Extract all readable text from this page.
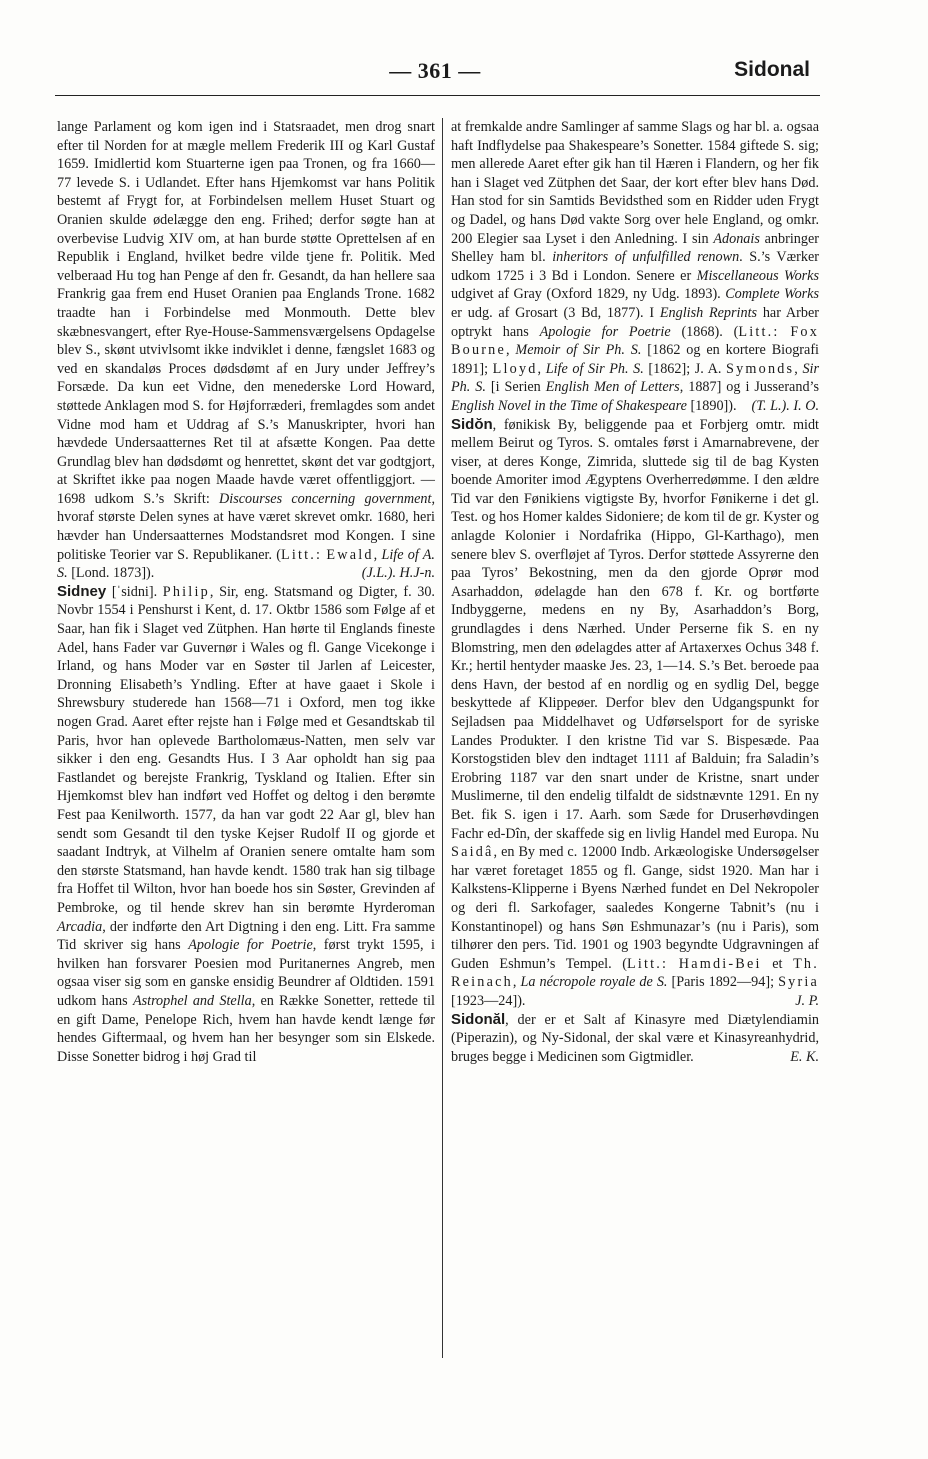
— 361 —	Sidonal

lange Parlament og kom igen ind i Statsraadet, men drog snart efter til Norden for at mægle mellem Frederik III og Karl Gustaf 1659. Imidlertid kom Stuarterne igen paa Tronen, og fra 1660—77 levede S. i Udlandet. Efter hans Hjemkomst var hans Politik bestemt af Frygt for, at Forbindelsen mellem Huset Stuart og Oranien skulde ødelægge den eng. Frihed; derfor søgte han at overbevise Ludvig XIV om, at han burde støtte Oprettelsen af en Republik i England, hvilket bedre vilde tjene fr. Politik. Med velberaad Hu tog han Penge af den fr. Gesandt, da han hellere saa Frankrig gaa frem end Huset Oranien paa Englands Trone. 1682 traadte han i Forbindelse med Monmouth. Dette blev skæbnesvangert, efter Rye-House-Sammensværgelsens Opdagelse blev S., skønt utvivlsomt ikke indviklet i denne, fængslet 1683 og ved en skandaløs Proces dødsdømt af en Jury under Jeffrey’s Forsæde. Da kun eet Vidne, den menederske Lord Howard, støttede Anklagen mod S. for Højforræderi, fremlagdes som andet Vidne mod ham et Uddrag af S.’s Manuskripter, hvori han hævdede Undersaatternes Ret til at afsætte Kongen. Paa dette Grundlag blev han dødsdømt og henrettet, skønt det var godtgjort, at Skriftet ikke paa nogen Maade havde været offentliggjort. — 1698 udkom S.’s Skrift: Discourses concerning government, hvoraf største Delen synes at have været skrevet omkr. 1680, heri hævder han Undersaatternes Modstandsret mod Kongen. I sine politiske Teorier var S. Republikaner. (Litt.: Ewald, Life of A. S. [Lond. 1873]).	(J.L.). H.J-n.

Sidney [ˈsidni]. Philip, Sir, eng. Statsmand og Digter, f. 30. Novbr 1554 i Penshurst i Kent, d. 17. Oktbr 1586 som Følge af et Saar, han fik i Slaget ved Zütphen. Han hørte til Englands fineste Adel, hans Fader var Guvernør i Wales og fl. Gange Vicekonge i Irland, og hans Moder var en Søster til Jarlen af Leicester, Dronning Elisabeth’s Yndling. Efter at have gaaet i Skole i Shrewsbury studerede han 1568—71 i Oxford, men tog ikke nogen Grad. Aaret efter rejste han i Følge med et Gesandtskab til Paris, hvor han oplevede Bartholomæus-Natten, men selv var sikker i den eng. Gesandts Hus. I 3 Aar opholdt han sig paa Fastlandet og berejste Frankrig, Tyskland og Italien. Efter sin Hjemkomst blev han indført ved Hoffet og deltog i den berømte Fest paa Kenilworth. 1577, da han var godt 22 Aar gl, blev han sendt som Gesandt til den tyske Kejser Rudolf II og gjorde et saadant Indtryk, at Vilhelm af Oranien senere omtalte ham som den største Statsmand, han havde kendt. 1580 trak han sig tilbage fra Hoffet til Wilton, hvor han boede hos sin Søster, Grevinden af Pembroke, og til hende skrev han sin berømte Hyrderoman Arcadia, der indførte den Art Digtning i den eng. Litt. Fra samme Tid skriver sig hans Apologie for Poetrie, først trykt 1595, i hvilken han forsvarer Poesien mod Puritanernes Angreb, men ogsaa viser sig som en ganske ensidig Beundrer af Oldtiden. 1591 udkom hans Astrophel and Stella, en Række Sonetter, rettede til en gift Dame, Penelope Rich, hvem han havde kendt længe før hendes Giftermaal, og hvem han her besynger som sin Elskede. Disse Sonetter bidrog i høj Grad til

at fremkalde andre Samlinger af samme Slags og har bl. a. ogsaa haft Indflydelse paa Shakespeare’s Sonetter. 1584 giftede S. sig; men allerede Aaret efter gik han til Hæren i Flandern, og her fik han i Slaget ved Zütphen det Saar, der kort efter blev hans Død. Han stod for sin Samtids Bevidsthed som en Ridder uden Frygt og Dadel, og hans Død vakte Sorg over hele England, og omkr. 200 Elegier saa Lyset i den Anledning. I sin Adonais anbringer Shelley ham bl. inheritors of unfulfilled renown. S.’s Værker udkom 1725 i 3 Bd i London. Senere er Miscellaneous Works udgivet af Gray (Oxford 1829, ny Udg. 1893). Complete Works er udg. af Grosart (3 Bd, 1877). I English Reprints har Arber optrykt hans Apologie for Poetrie (1868). (Litt.: Fox Bourne, Memoir of Sir Ph. S. [1862 og en kortere Biografi 1891]; Lloyd, Life of Sir Ph. S. [1862]; J. A. Symonds, Sir Ph. S. [i Serien English Men of Letters, 1887] og i Jusserand’s English Novel in the Time of Shakespeare [1890]). (T. L.). I. O.

Sidŏn, fønikisk By, beliggende paa et Forbjerg omtr. midt mellem Beirut og Tyros. S. omtales først i Amarnabrevene, der viser, at deres Konge, Zimrida, sluttede sig til de bag Kysten boende Amoriter imod Ægyptens Overherredømme. I den ældre Tid var den Fønikiens vigtigste By, hvorfor Fønikerne i det gl. Test. og hos Homer kaldes Sidoniere; de kom til de gr. Kyster og anlagde Kolonier i Nordafrika (Hippo, Gl-Karthago), men senere blev S. overfløjet af Tyros. Derfor støttede Assyrerne den paa Tyros’ Bekostning, men da den gjorde Oprør mod Asarhaddon, ødelagde han den 678 f. Kr. og bortførte Indbyggerne, medens en ny By, Asarhaddon’s Borg, grundlagdes i dens Nærhed. Under Perserne fik S. en ny Blomstring, men den ødelagdes atter af Artaxerxes Ochus 348 f. Kr.; hertil hentyder maaske Jes. 23, 1—14. S.’s Bet. beroede paa dens Havn, der bestod af en nordlig og en sydlig Del, begge beskyttede af Klippeøer. Derfor blev den Udgangspunkt for Sejladsen paa Middelhavet og Udførselsport for de syriske Landes Produkter. I den kristne Tid var S. Bispesæde. Paa Korstogstiden blev den indtaget 1111 af Balduin; fra Saladin’s Erobring 1187 var den snart under de Kristne, snart under Muslimerne, til den endelig tilfaldt de sidstnævnte 1291. En ny Bet. fik S. igen i 17. Aarh. som Sæde for Druserhøvdingen Fachr ed-Dîn, der skaffede sig en livlig Handel med Europa. Nu Saidâ, en By med c. 12000 Indb. Arkæologiske Undersøgelser har været foretaget 1855 og fl. Gange, sidst 1920. Man har i Kalkstens-Klipperne i Byens Nærhed fundet en Del Nekropoler og deri fl. Sarkofager, saaledes Kongerne Tabnit’s (nu i Konstantinopel) og hans Søn Eshmunazar’s (nu i Paris), som tilhører den pers. Tid. 1901 og 1903 begyndte Udgravningen af Guden Eshmun’s Tempel. (Litt.: Hamdi-Bei et Th. Reinach, La nécropole royale de S. [Paris 1892—94]; Syria [1923—24]).	J. P.

Sidonăl, der er et Salt af Kinasyre med Diætylendiamin (Piperazin), og Ny-Sidonal, der skal være et Kinasyreanhydrid, bruges begge i Medicinen som Gigtmidler.	E. K.
